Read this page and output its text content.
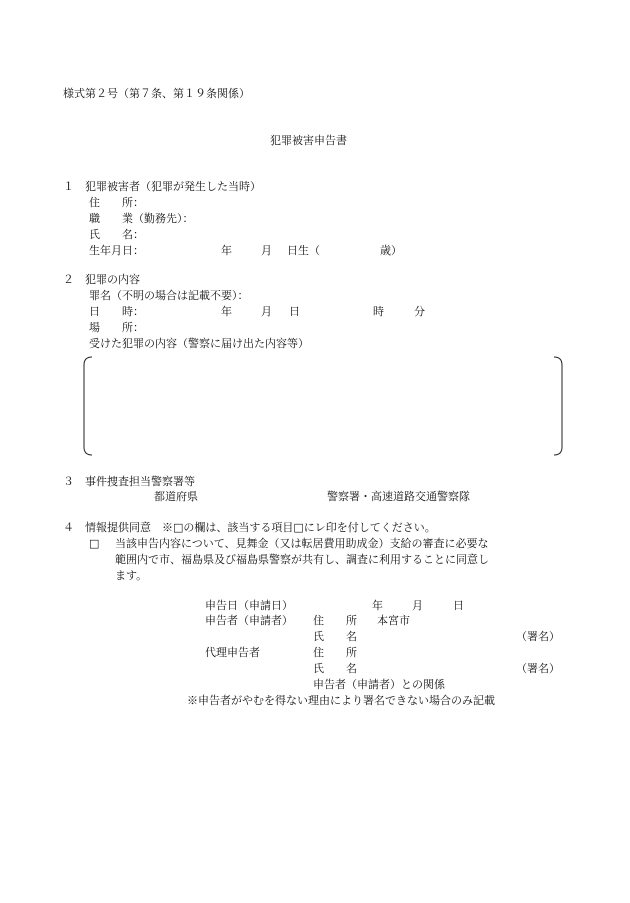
様式第２号（第７条、第１９条関係）
犯罪被害申告書
１　犯罪被害者（犯罪が発生した当時）
住　　所：
職　　業（勤務先）：
氏　　名：
生年月日：	年	月 日生（	歳）
２　犯罪の内容
罪名（不明の場合は記載不要）：
日　　時：	年	月 日	時	分
場　　所：
受けた犯罪の内容（警察に届け出た内容等）
３　事件捜査担当警察署等
都道府県	警察署・高速道路交通警察隊
４　情報提供同意　※□の欄は、該当する項目□にレ印を付してください。
□ 当該申告内容について、見舞金（又は転居費用助成金）支給の審査に必要な
範囲内で市、福島県及び福島県警察が共有し、調査に利用することに同意し
ます。
申告日（申請日）	年	月	日
申告者（申請者） 住　　所 本宮市
氏　　名	（署名）
代理申告者	住　　所
氏　　名	（署名）
申告者（申請者）との関係
※申告者がやむを得ない理由により署名できない場合のみ記載
